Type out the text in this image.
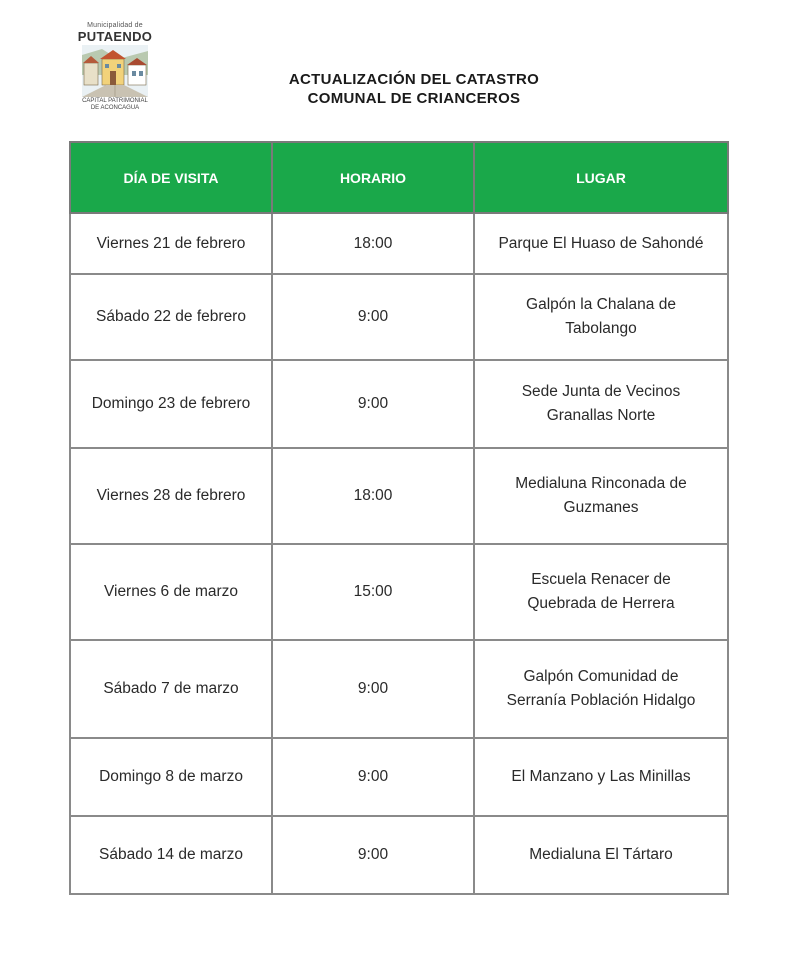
Municipalidad de
PUTAENDO
CAPITAL PATRIMONIAL
DE ACONCAGUA
ACTUALIZACIÓN DEL CATASTRO
COMUNAL DE CRIANCEROS
DÍA DE VISITA	HORARIO	LUGAR
Viernes 21 de febrero	18:00	Parque El Huaso de Sahondé
Sábado 22 de febrero	9:00	Galpón la Chalana de
Tabolango
Domingo 23 de febrero	9:00	Sede Junta de Vecinos
Granallas Norte
Viernes 28 de febrero	18:00	Medialuna Rinconada de
Guzmanes
Viernes 6 de marzo	15:00	Escuela Renacer de
Quebrada de Herrera
Sábado 7 de marzo	9:00	Galpón Comunidad de
Serranía Población Hidalgo
Domingo 8 de marzo	9:00	El Manzano y Las Minillas
Sábado 14 de marzo	9:00	Medialuna El Tártaro
